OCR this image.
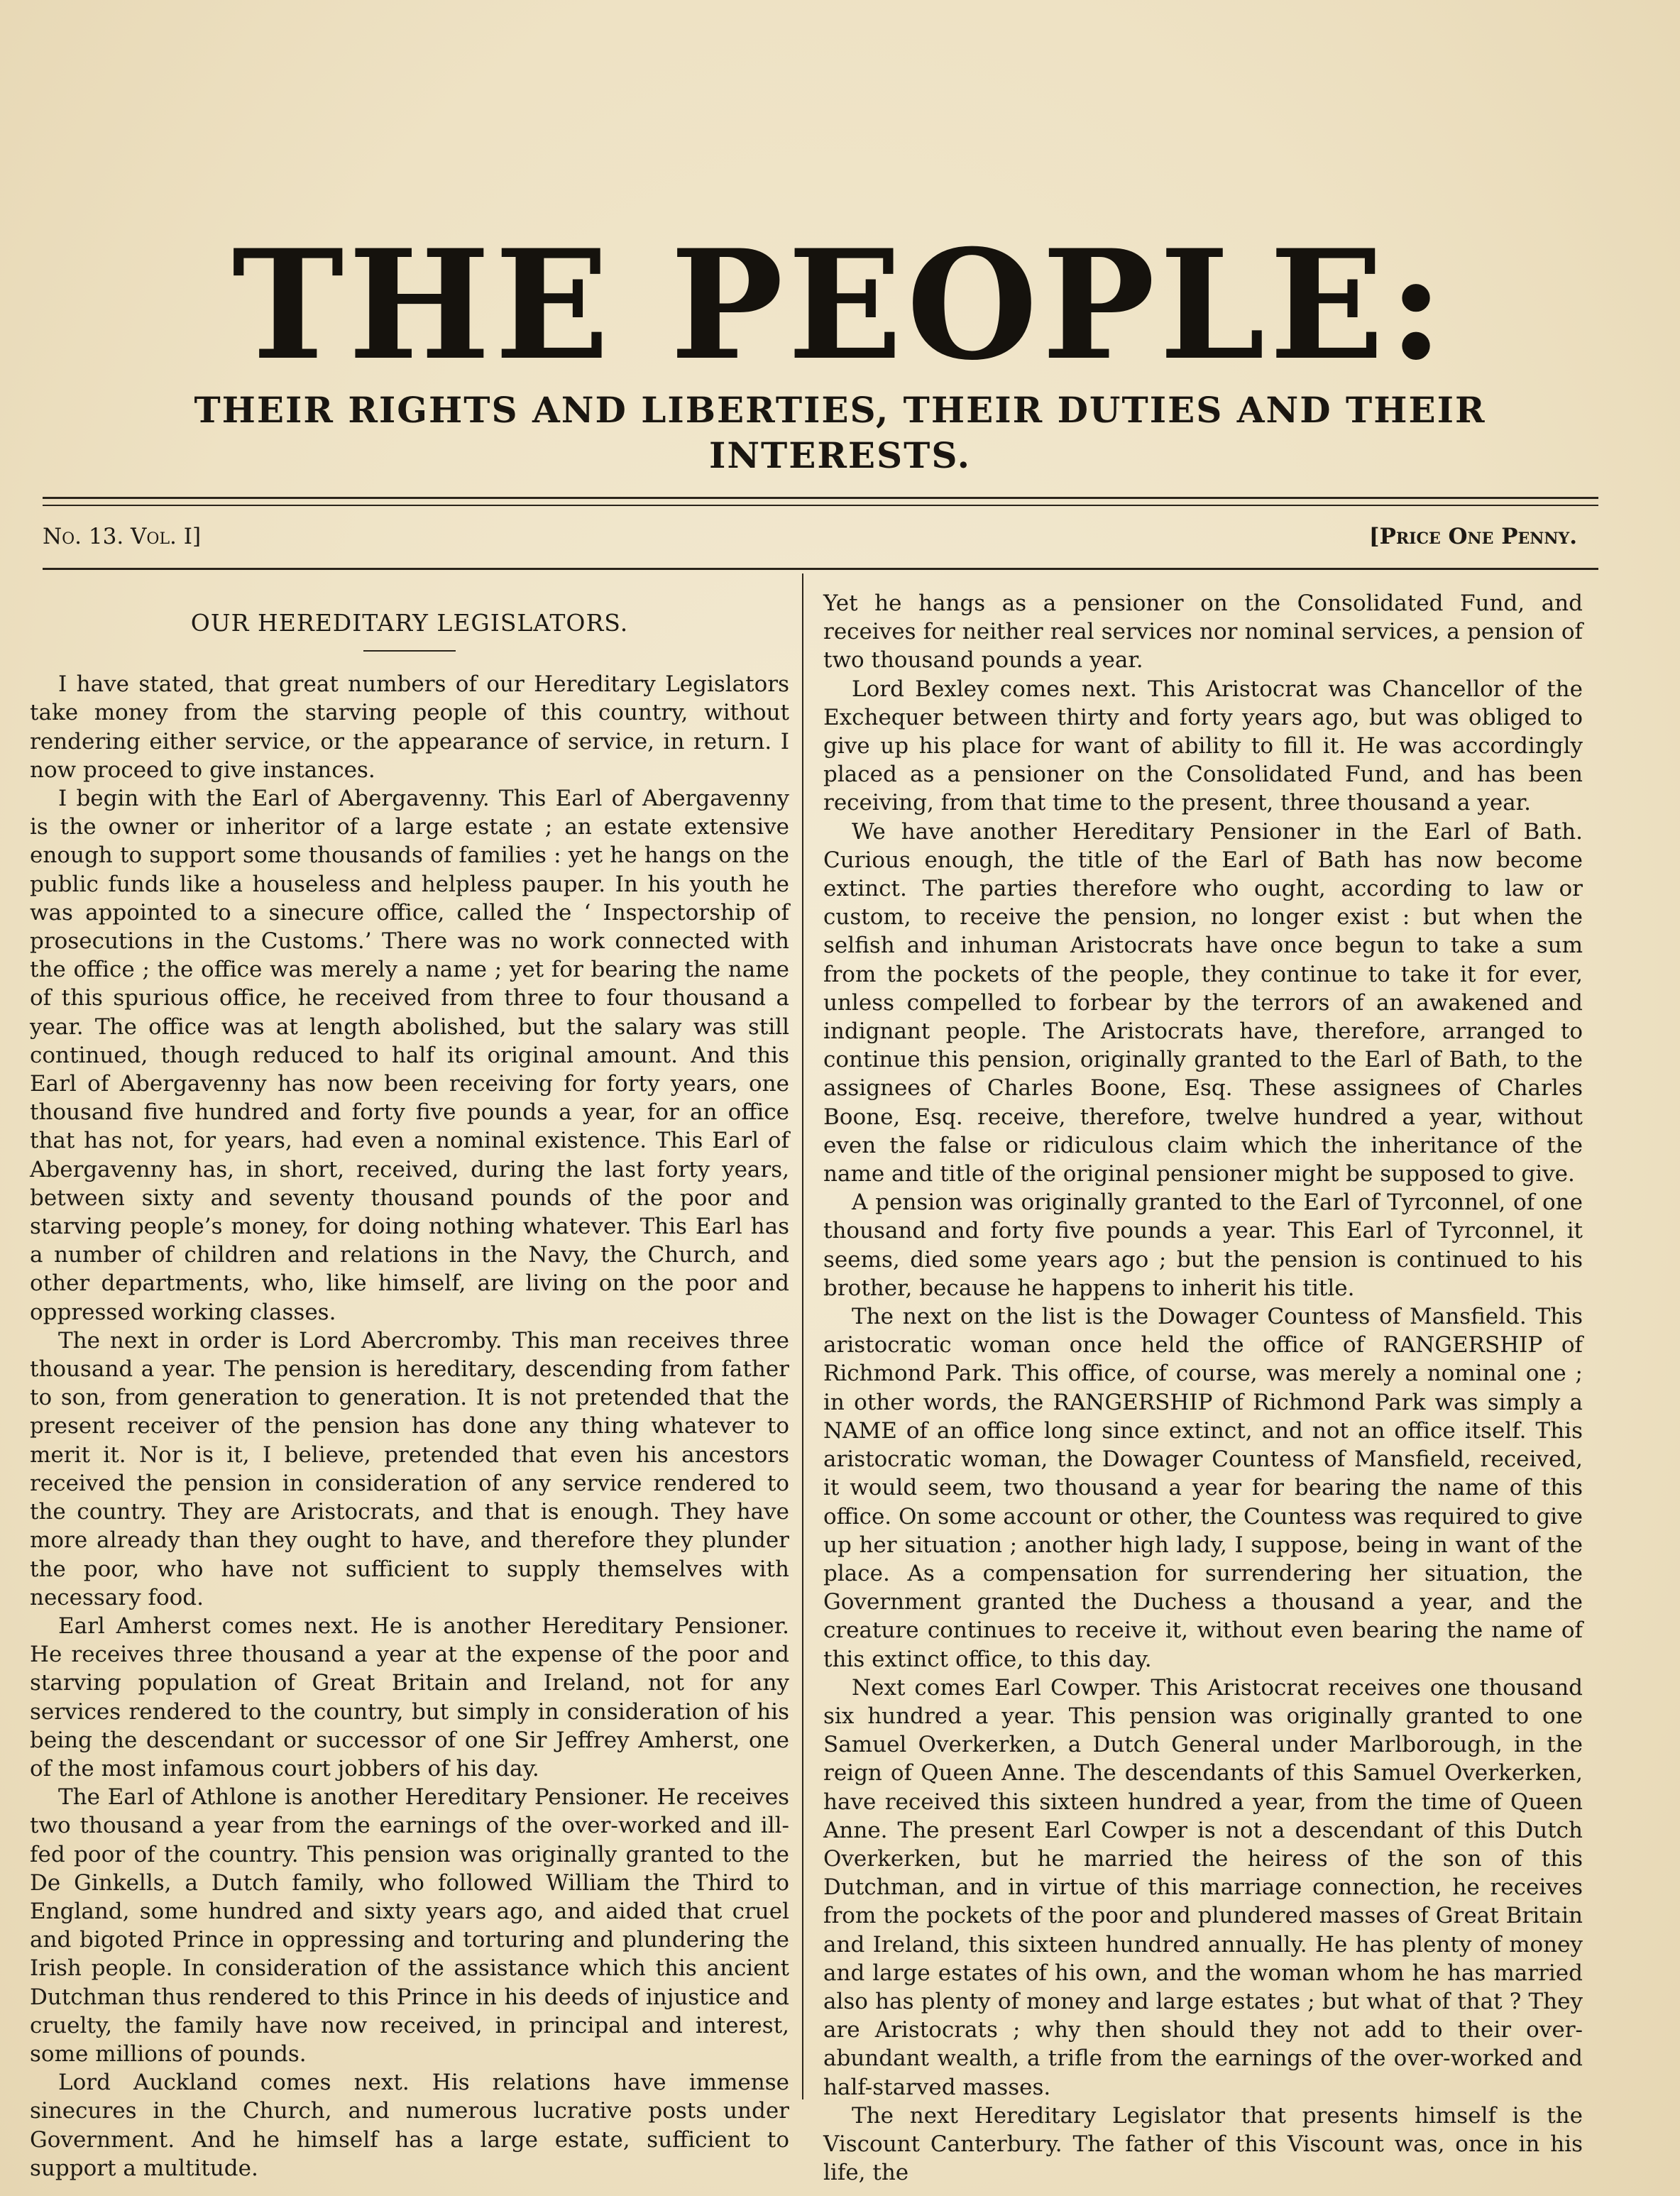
THE PEOPLE:
THEIR RIGHTS AND LIBERTIES, THEIR DUTIES AND THEIR INTERESTS.
No. 13. Vol. I]	[Price One Penny.
OUR HEREDITARY LEGISLATORS.

I have stated, that great numbers of our Hereditary Legislators take money from the starving people of this country, without rendering either service, or the appearance of service, in return. I now proceed to give instances.

I begin with the Earl of Abergavenny. This Earl of Abergavenny is the owner or inheritor of a large estate ; an estate extensive enough to support some thousands of families : yet he hangs on the public funds like a houseless and helpless pauper. In his youth he was appointed to a sinecure office, called the ‘ Inspectorship of prosecutions in the Customs.’ There was no work connected with the office ; the office was merely a name ; yet for bearing the name of this spurious office, he received from three to four thousand a year. The office was at length abolished, but the salary was still continued, though reduced to half its original amount. And this Earl of Abergavenny has now been receiving for forty years, one thousand five hundred and forty five pounds a year, for an office that has not, for years, had even a nominal existence. This Earl of Abergavenny has, in short, received, during the last forty years, between sixty and seventy thousand pounds of the poor and starving people’s money, for doing nothing whatever. This Earl has a number of children and relations in the Navy, the Church, and other departments, who, like himself, are living on the poor and oppressed working classes.

The next in order is Lord Abercromby. This man receives three thousand a year. The pension is hereditary, descending from father to son, from generation to generation. It is not pretended that the present receiver of the pension has done any thing whatever to merit it. Nor is it, I believe, pretended that even his ancestors received the pension in consideration of any service rendered to the country. They are Aristocrats, and that is enough. They have more already than they ought to have, and therefore they plunder the poor, who have not sufficient to supply themselves with necessary food.

Earl Amherst comes next. He is another Hereditary Pensioner. He receives three thousand a year at the expense of the poor and starving population of Great Britain and Ireland, not for any services rendered to the country, but simply in consideration of his being the descendant or successor of one Sir Jeffrey Amherst, one of the most infamous court jobbers of his day.

The Earl of Athlone is another Hereditary Pensioner. He receives two thousand a year from the earnings of the over-worked and ill-fed poor of the country. This pension was originally granted to the De Ginkells, a Dutch family, who followed William the Third to England, some hundred and sixty years ago, and aided that cruel and bigoted Prince in oppressing and torturing and plundering the Irish people. In consideration of the assistance which this ancient Dutchman thus rendered to this Prince in his deeds of injustice and cruelty, the family have now received, in principal and interest, some millions of pounds.

Lord Auckland comes next. His relations have immense sinecures in the Church, and numerous lucrative posts under Government. And he himself has a large estate, sufficient to support a multitude.

Yet he hangs as a pensioner on the Consolidated Fund, and receives for neither real services nor nominal services, a pension of two thousand pounds a year.

Lord Bexley comes next. This Aristocrat was Chancellor of the Exchequer between thirty and forty years ago, but was obliged to give up his place for want of ability to fill it. He was accordingly placed as a pensioner on the Consolidated Fund, and has been receiving, from that time to the present, three thousand a year.

We have another Hereditary Pensioner in the Earl of Bath. Curious enough, the title of the Earl of Bath has now become extinct. The parties therefore who ought, according to law or custom, to receive the pension, no longer exist : but when the selfish and inhuman Aristocrats have once begun to take a sum from the pockets of the people, they continue to take it for ever, unless compelled to forbear by the terrors of an awakened and indignant people. The Aristocrats have, therefore, arranged to continue this pension, originally granted to the Earl of Bath, to the assignees of Charles Boone, Esq. These assignees of Charles Boone, Esq. receive, therefore, twelve hundred a year, without even the false or ridiculous claim which the inheritance of the name and title of the original pensioner might be supposed to give.

A pension was originally granted to the Earl of Tyrconnel, of one thousand and forty five pounds a year. This Earl of Tyrconnel, it seems, died some years ago ; but the pension is continued to his brother, because he happens to inherit his title.

The next on the list is the Dowager Countess of Mansfield. This aristocratic woman once held the office of RANGERSHIP of Richmond Park. This office, of course, was merely a nominal one ; in other words, the RANGERSHIP of Richmond Park was simply a NAME of an office long since extinct, and not an office itself. This aristocratic woman, the Dowager Countess of Mansfield, received, it would seem, two thousand a year for bearing the name of this office. On some account or other, the Countess was required to give up her situation ; another high lady, I suppose, being in want of the place. As a compensation for surrendering her situation, the Government granted the Duchess a thousand a year, and the creature continues to receive it, without even bearing the name of this extinct office, to this day.

Next comes Earl Cowper. This Aristocrat receives one thousand six hundred a year. This pension was originally granted to one Samuel Overkerken, a Dutch General under Marlborough, in the reign of Queen Anne. The descendants of this Samuel Overkerken, have received this sixteen hundred a year, from the time of Queen Anne. The present Earl Cowper is not a descendant of this Dutch Overkerken, but he married the heiress of the son of this Dutchman, and in virtue of this marriage connection, he receives from the pockets of the poor and plundered masses of Great Britain and Ireland, this sixteen hundred annually. He has plenty of money and large estates of his own, and the woman whom he has married also has plenty of money and large estates ; but what of that ? They are Aristocrats ; why then should they not add to their over-abundant wealth, a trifle from the earnings of the over-worked and half-starved masses.

The next Hereditary Legislator that presents himself is the Viscount Canterbury. The father of this Viscount was, once in his life, the
